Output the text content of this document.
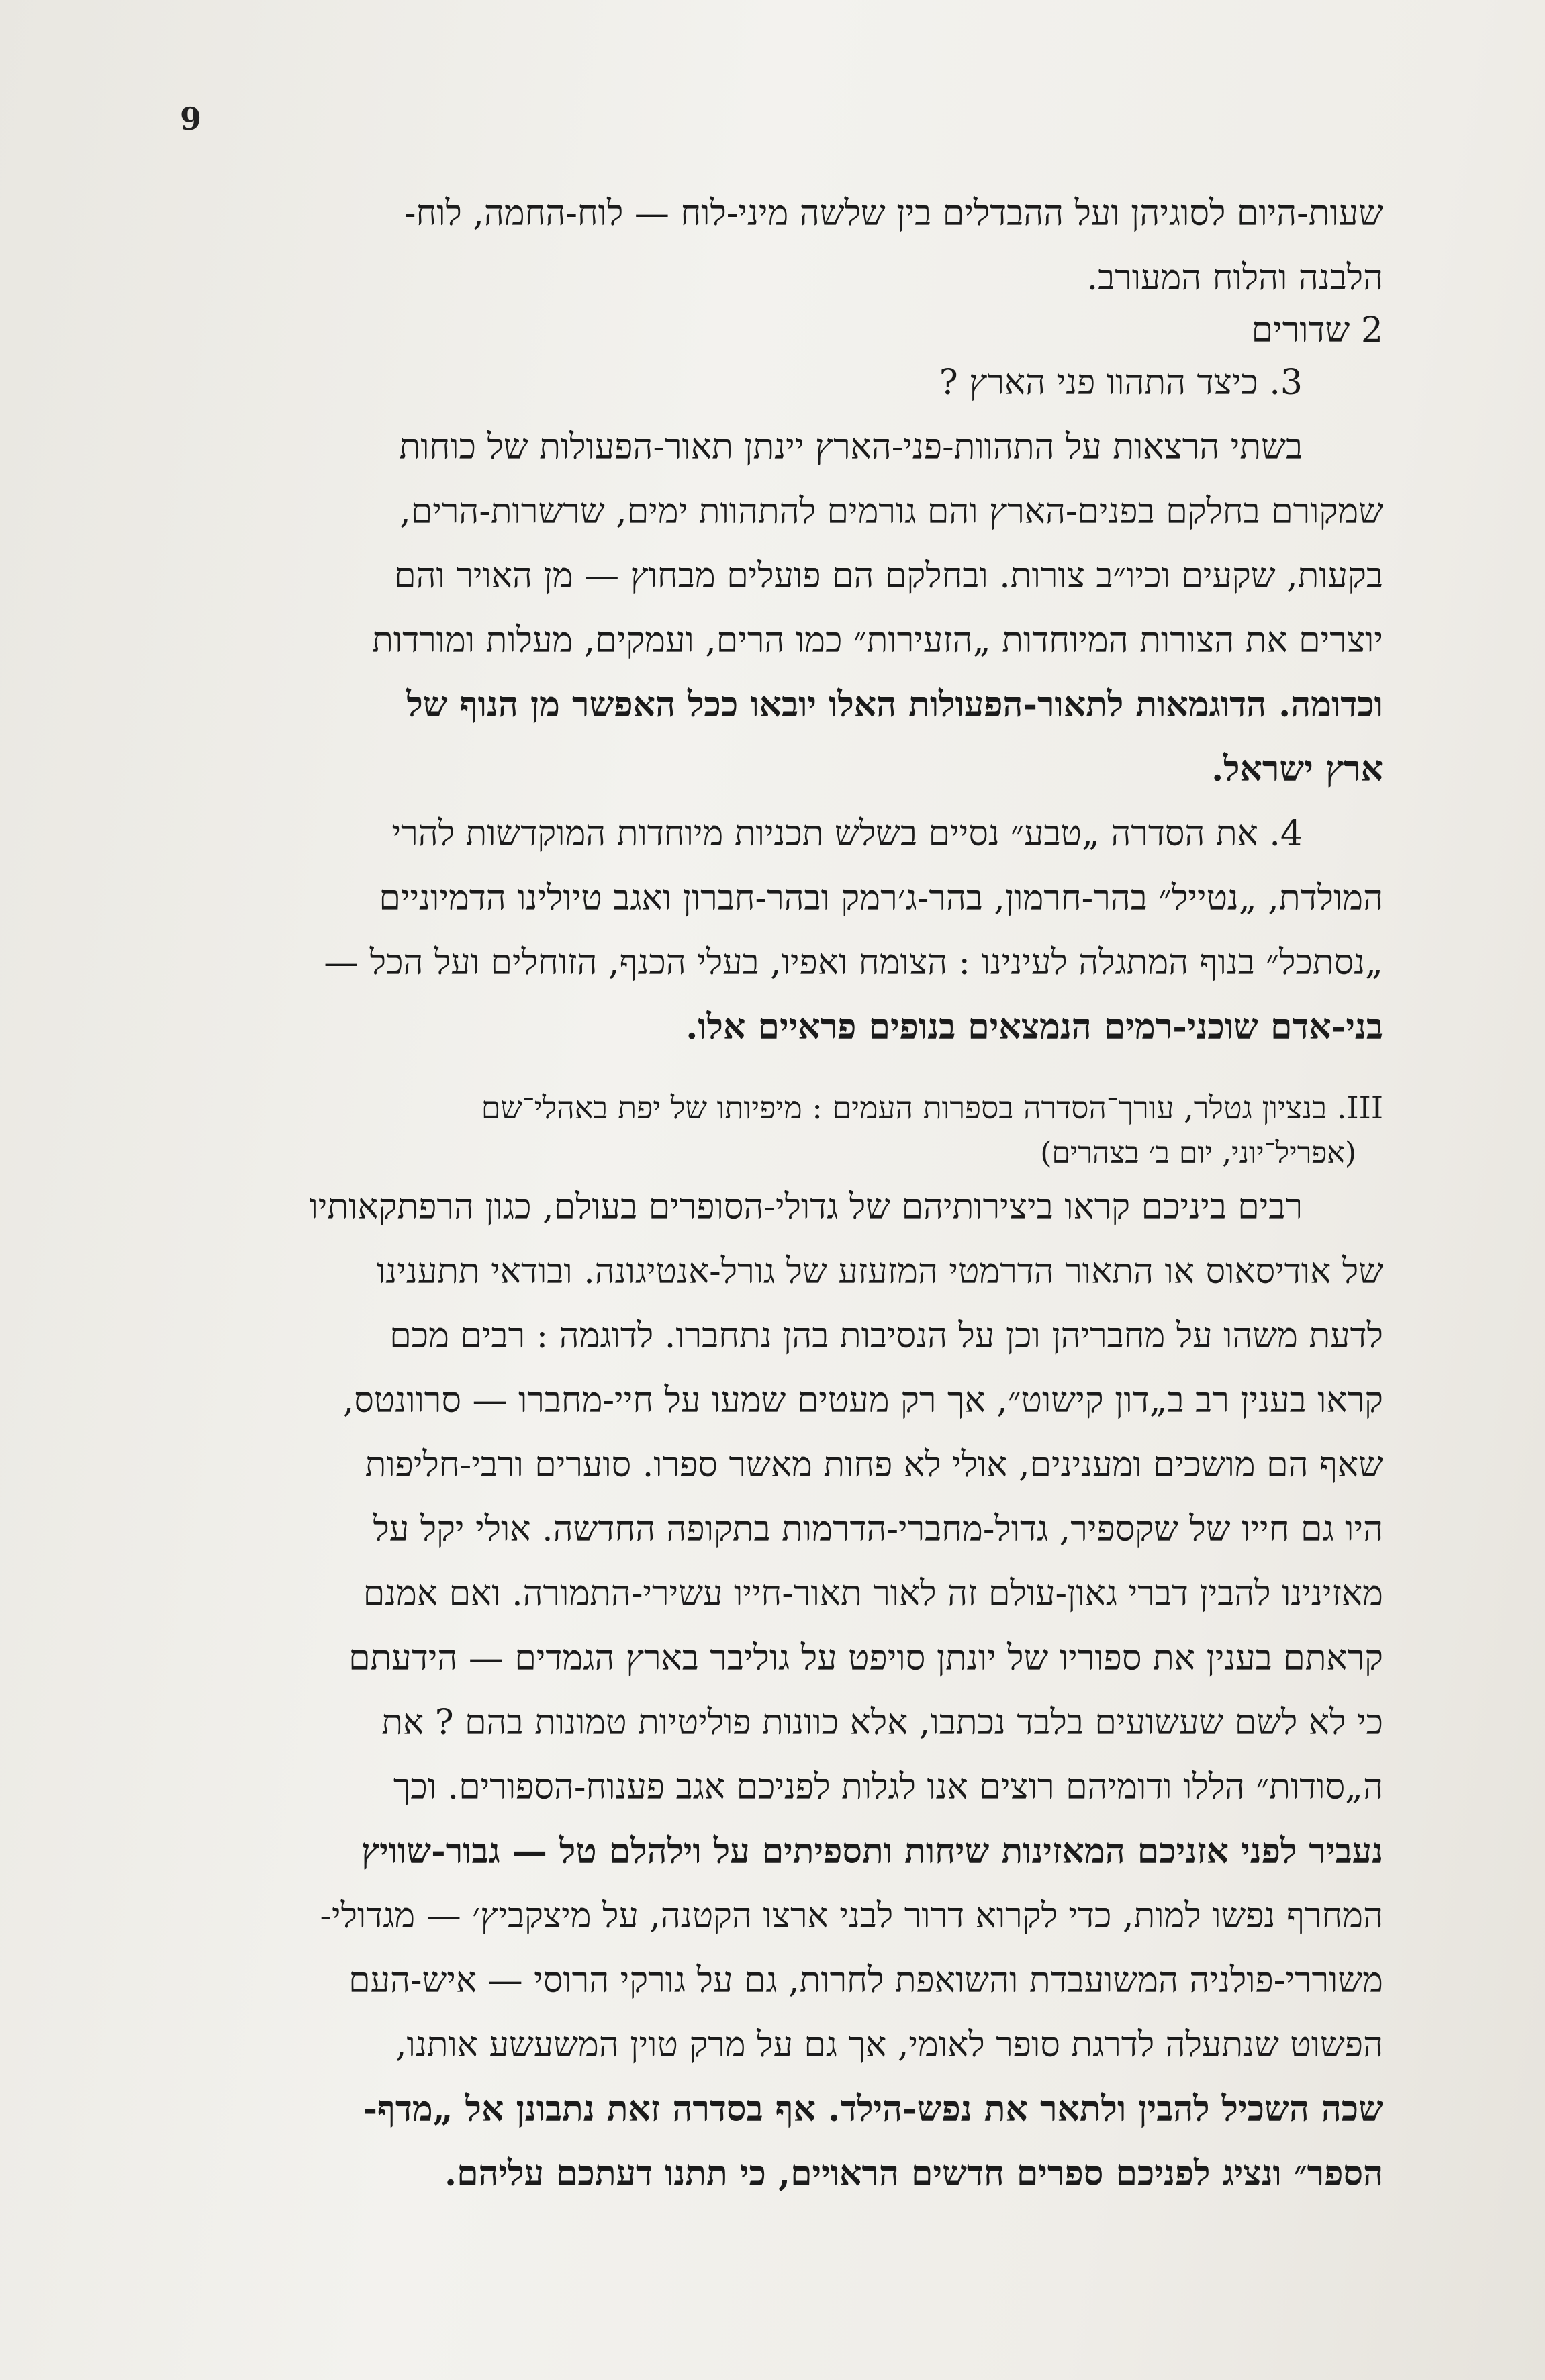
9
שעות-היום לסוגיהן ועל ההבדלים בין שלשה מיני-לוח — לוח-החמה, לוח-
הלבנה והלוח המעורב.
2 שדורים
3. כיצד התהוו פני הארץ ?
בשתי הרצאות על התהוות-פני-הארץ יינתן תאור-הפעולות של כוחות
שמקורם בחלקם בפנים-הארץ והם גורמים להתהוות ימים, שרשרות-הרים,
בקעות, שקעים וכיו״ב צורות. ובחלקם הם פועלים מבחוץ — מן האויר והם
יוצרים את הצורות המיוחדות „הזעירות״ כמו הרים, ועמקים, מעלות ומורדות
וכדומה. הדוגמאות לתאור-הפעולות האלו יובאו ככל האפשר מן הנוף של
ארץ ישראל.
4. את הסדרה „טבע״ נסיים בשלש תכניות מיוחדות המוקדשות להרי
המולדת, „נטייל״ בהר-חרמון, בהר-ג׳רמק ובהר-חברון ואגב טיולינו הדמיוניים
„נסתכל״ בנוף המתגלה לעינינו : הצומח ואפיו, בעלי הכנף, הזוחלים ועל הכל —
בני-אדם שוכני-רמים הנמצאים בנופים פראיים אלו.
III. בנציון גטלר, עורך־הסדרה בספרות העמים : מיפיותו של יפת באהלי־שם
(אפריל־יוני, יום ב׳ בצהרים)
רבים ביניכם קראו ביצירותיהם של גדולי-הסופרים בעולם, כגון הרפתקאותיו
של אודיסאוס או התאור הדרמטי המזעזע של גורל-אנטיגונה. ובודאי תתענינו
לדעת משהו על מחבריהן וכן על הנסיבות בהן נתחברו. לדוגמה : רבים מכם
קראו בענין רב ב„דון קישוט״, אך רק מעטים שמעו על חיי-מחברו — סרוונטס,
שאף הם מושכים ומענינים, אולי לא פחות מאשר ספרו. סוערים ורבי-חליפות
היו גם חייו של שקספיר, גדול-מחברי-הדרמות בתקופה החדשה. אולי יקל על
מאזינינו להבין דברי גאון-עולם זה לאור תאור-חייו עשירי-התמורה. ואם אמנם
קראתם בענין את ספוריו של יונתן סויפט על גוליבר בארץ הגמדים — הידעתם
כי לא לשם שעשועים בלבד נכתבו, אלא כוונות פוליטיות טמונות בהם ? את
ה„סודות״ הללו ודומיהם רוצים אנו לגלות לפניכם אגב פענוח-הספורים. וכך
נעביר לפני אזניכם המאזינות שיחות ותספיתים על וילהלם טל — גבור-שוויץ
המחרף נפשו למות, כדי לקרוא דרור לבני ארצו הקטנה, על מיצקביץ׳ — מגדולי-
משוררי-פולניה המשועבדת והשואפת לחרות, גם על גורקי הרוסי — איש-העם
הפשוט שנתעלה לדרגת סופר לאומי, אך גם על מרק טוין המשעשע אותנו,
שכה השכיל להבין ולתאר את נפש-הילד. אף בסדרה זאת נתבונן אל „מדף-
הספר״ ונציג לפניכם ספרים חדשים הראויים, כי תתנו דעתכם עליהם.
